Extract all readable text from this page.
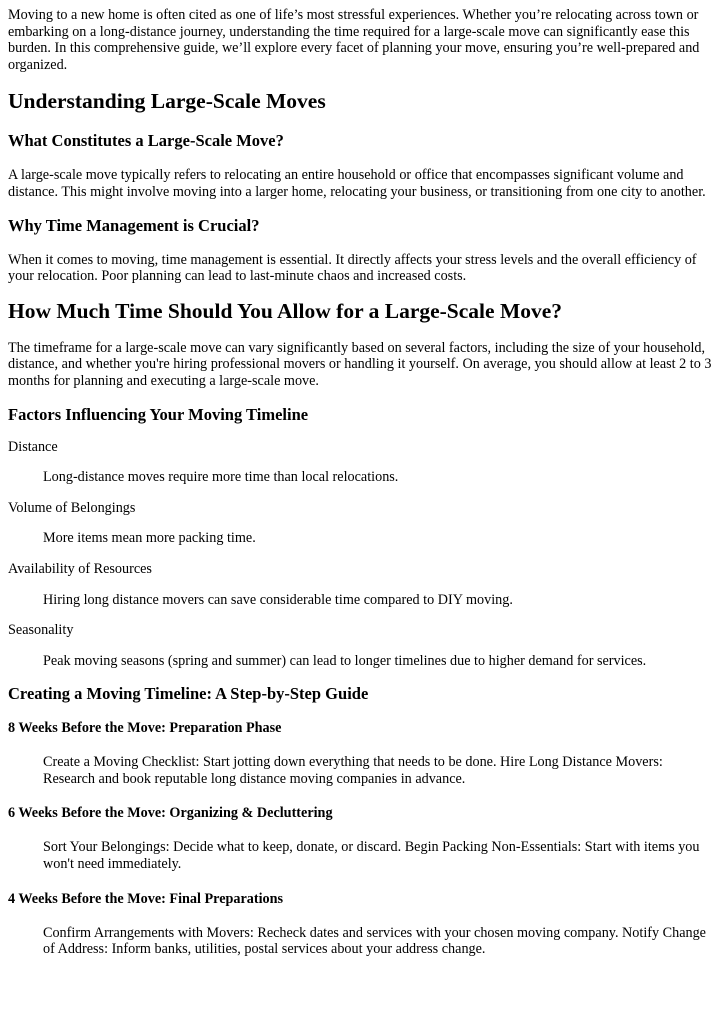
Moving to a new home is often cited as one of life’s most stressful experiences. Whether you’re relocating across town or embarking on a long-distance journey, understanding the time required for a large-scale move can significantly ease this burden. In this comprehensive guide, we’ll explore every facet of planning your move, ensuring you’re well-prepared and organized.

Understanding Large-Scale Moves
What Constitutes a Large-Scale Move?

A large-scale move typically refers to relocating an entire household or office that encompasses significant volume and distance. This might involve moving into a larger home, relocating your business, or transitioning from one city to another.

Why Time Management is Crucial?

When it comes to moving, time management is essential. It directly affects your stress levels and the overall efficiency of your relocation. Poor planning can lead to last-minute chaos and increased costs.

How Much Time Should You Allow for a Large-Scale Move?

The timeframe for a large-scale move can vary significantly based on several factors, including the size of your household, distance, and whether you're hiring professional movers or handling it yourself. On average, you should allow at least 2 to 3 months for planning and executing a large-scale move.

Factors Influencing Your Moving Timeline
Distance
Long-distance moves require more time than local relocations.
Volume of Belongings
More items mean more packing time.
Availability of Resources
Hiring long distance movers can save considerable time compared to DIY moving.
Seasonality
Peak moving seasons (spring and summer) can lead to longer timelines due to higher demand for services.
Creating a Moving Timeline: A Step-by-Step Guide
8 Weeks Before the Move: Preparation Phase

Create a Moving Checklist: Start jotting down everything that needs to be done. Hire Long Distance Movers: Research and book reputable long distance moving companies in advance.

6 Weeks Before the Move: Organizing & Decluttering

Sort Your Belongings: Decide what to keep, donate, or discard. Begin Packing Non-Essentials: Start with items you won't need immediately.

4 Weeks Before the Move: Final Preparations

Confirm Arrangements with Movers: Recheck dates and services with your chosen moving company. Notify Change of Address: Inform banks, utilities, postal services about your address change.
